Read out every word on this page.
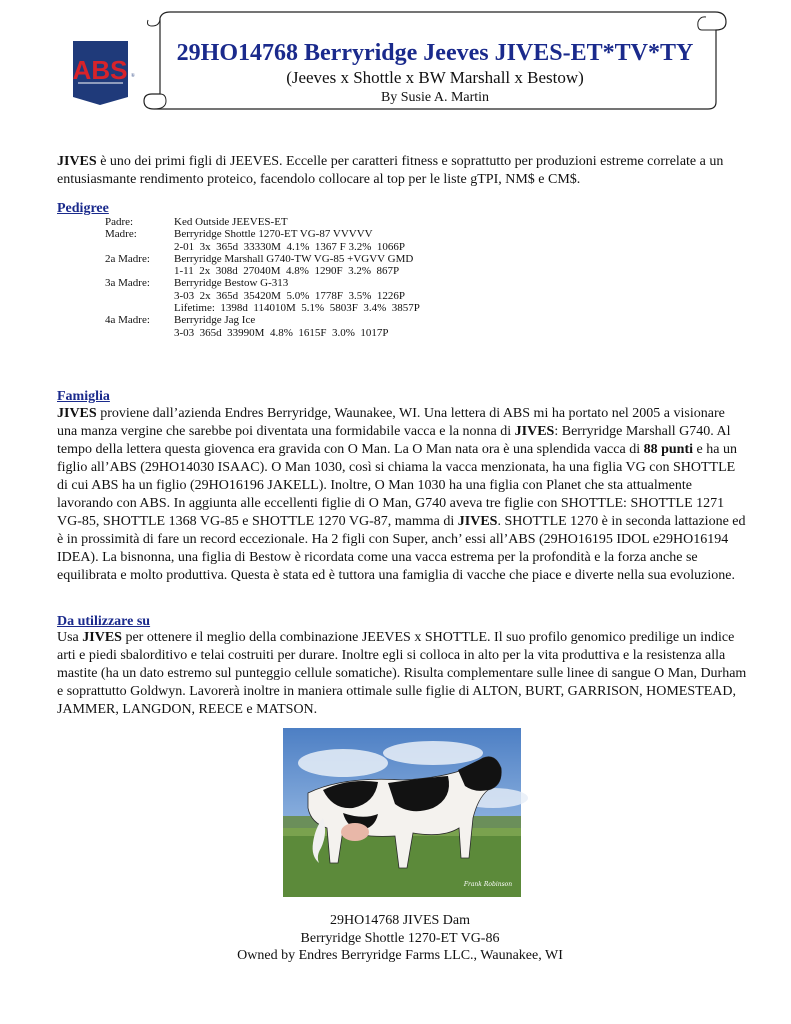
ABS ®
29HO14768 Berryridge Jeeves JIVES-ET*TV*TY
(Jeeves x Shottle x BW Marshall x Bestow)
By Susie A. Martin

JIVES è uno dei primi figli di JEEVES. Eccelle per caratteri fitness e soprattutto per produzioni estreme correlate a un entusiasmante rendimento proteico, facendolo collocare al top per le liste gTPI, NM$ e CM$.

Pedigree
Padre:	Ked Outside JEEVES-ET
Madre:	Berryridge Shottle 1270-ET VG-87 VVVVV
2-01  3x  365d  33330M  4.1%  1367 F 3.2%  1066P
2a Madre:	Berryridge Marshall G740-TW VG-85 +VGVV GMD
1-11  2x  308d  27040M  4.8%  1290F  3.2%  867P
3a Madre:	Berryridge Bestow G-313
3-03  2x  365d  35420M  5.0%  1778F  3.5%  1226P
Lifetime:  1398d  114010M  5.1%  5803F  3.4%  3857P
4a Madre:	Berryridge Jag Ice
3-03  365d  33990M  4.8%  1615F  3.0%  1017P
Famiglia

JIVES proviene dall’azienda Endres Berryridge, Waunakee, WI. Una lettera di ABS mi ha portato nel 2005 a visionare una manza vergine che sarebbe poi diventata una formidabile vacca e la nonna di JIVES: Berryridge Marshall G740. Al tempo della lettera questa giovenca era gravida con O Man. La O Man nata ora è una splendida vacca di 88 punti e ha un figlio all’ABS (29HO14030 ISAAC). O Man 1030, così si chiama la vacca menzionata, ha una figlia VG con SHOTTLE di cui ABS ha un figlio (29HO16196 JAKELL). Inoltre, O Man 1030 ha una figlia con Planet che sta attualmente lavorando con ABS. In aggiunta alle eccellenti figlie di O Man, G740 aveva tre figlie con SHOTTLE: SHOTTLE 1271 VG-85, SHOTTLE 1368 VG-85 e SHOTTLE 1270 VG-87, mamma di JIVES. SHOTTLE 1270 è in seconda lattazione ed è in prossimità di fare un record eccezionale. Ha 2 figli con Super, anch’ essi all’ABS (29HO16195 IDOL e29HO16194 IDEA). La bisnonna, una figlia di Bestow è ricordata come una vacca estrema per la profondità e la forza anche se equilibrata e molto produttiva. Questa è stata ed è tuttora una famiglia di vacche che piace e diverte nella sua evoluzione.

Da utilizzare su

Usa JIVES per ottenere il meglio della combinazione JEEVES x SHOTTLE. Il suo profilo genomico predilige un indice arti e piedi sbalorditivo e telai costruiti per durare. Inoltre egli si colloca in alto per la vita produttiva e la resistenza alla mastite (ha un dato estremo sul punteggio cellule somatiche). Risulta complementare sulle linee di sangue O Man, Durham e soprattutto Goldwyn. Lavorerà inoltre in maniera ottimale sulle figlie di ALTON, BURT, GARRISON, HOMESTEAD, JAMMER, LANGDON, REECE e MATSON.

Frank Robinson
29HO14768 JIVES Dam
Berryridge Shottle 1270-ET VG-86
Owned by Endres Berryridge Farms LLC., Waunakee, WI
